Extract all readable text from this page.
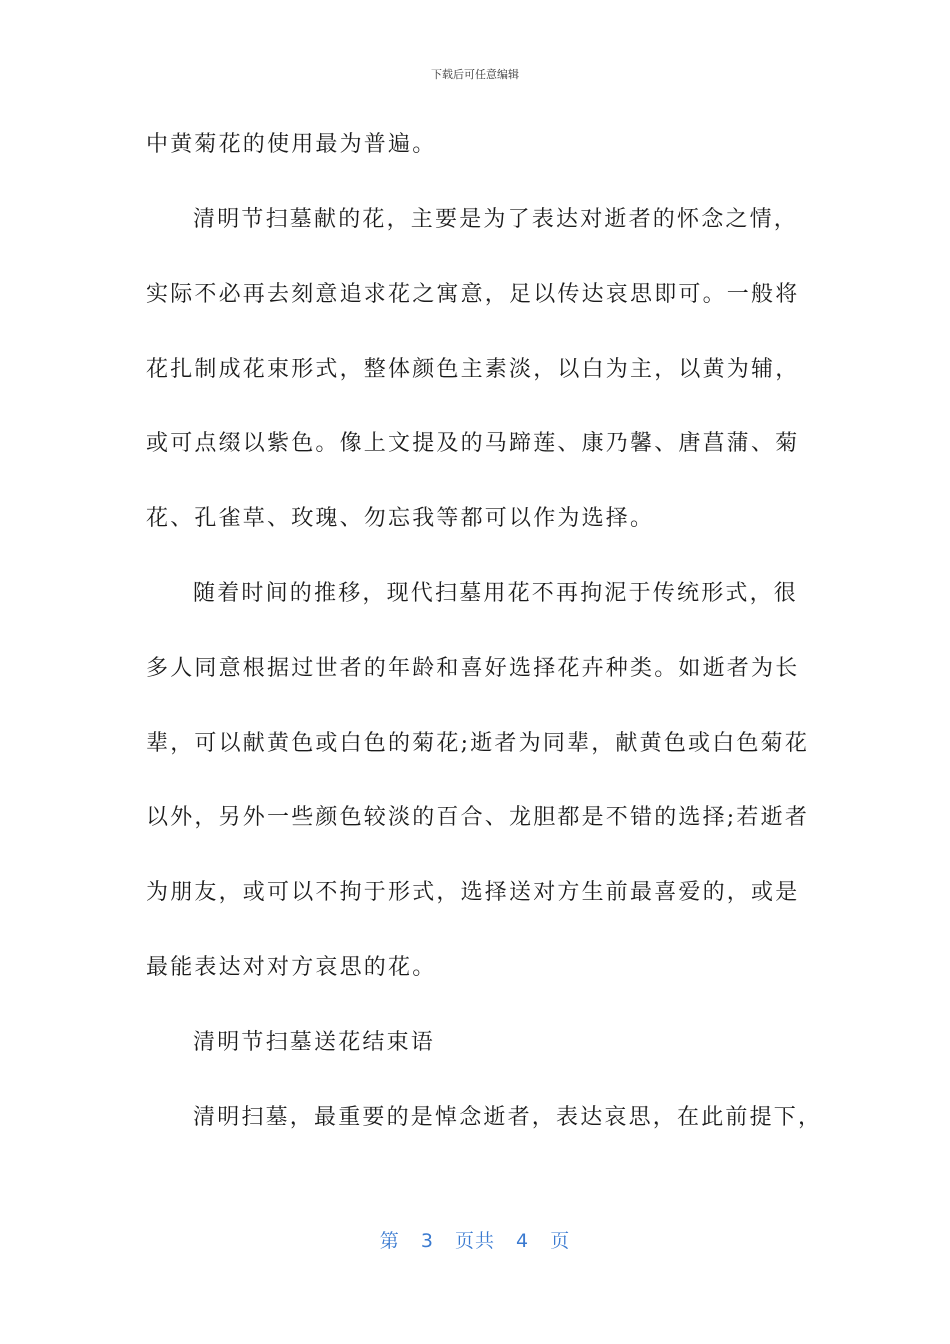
下载后可任意编辑
中黄菊花的使用最为普遍。
清明节扫墓献的花，主要是为了表达对逝者的怀念之情，
实际不必再去刻意追求花之寓意，足以传达哀思即可。一般将
花扎制成花束形式，整体颜色主素淡，以白为主，以黄为辅，
或可点缀以紫色。像上文提及的马蹄莲、康乃馨、唐菖蒲、菊
花、孔雀草、玫瑰、勿忘我等都可以作为选择。
随着时间的推移，现代扫墓用花不再拘泥于传统形式，很
多人同意根据过世者的年龄和喜好选择花卉种类。如逝者为长
辈，可以献黄色或白色的菊花;逝者为同辈，献黄色或白色菊花
以外，另外一些颜色较淡的百合、龙胆都是不错的选择;若逝者
为朋友，或可以不拘于形式，选择送对方生前最喜爱的，或是
最能表达对对方哀思的花。
清明节扫墓送花结束语
清明扫墓，最重要的是悼念逝者，表达哀思，在此前提下，
第 3 页共 4 页
